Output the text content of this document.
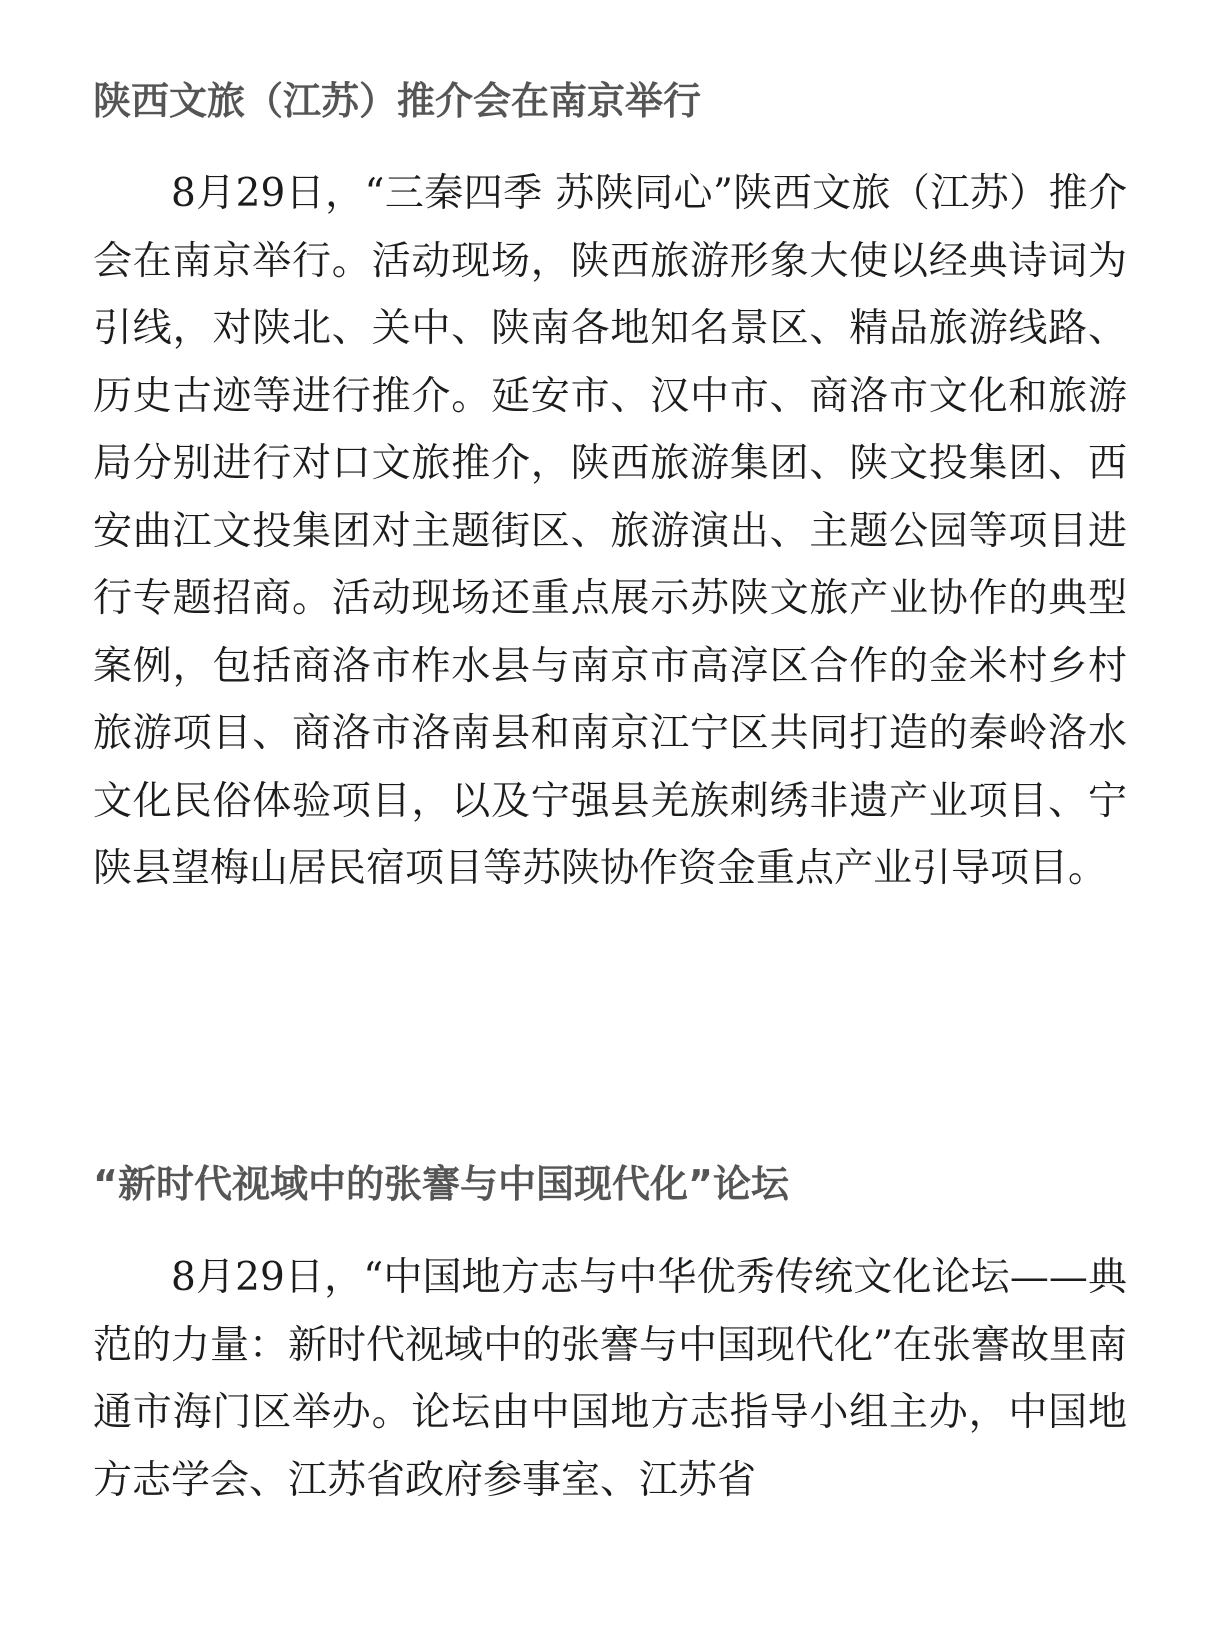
陕西文旅（江苏）推介会在南京举行

8月29日，“三秦四季 苏陕同心”陕西文旅（江苏）推介会在南京举行。活动现场，陕西旅游形象大使以经典诗词为引线，对陕北、关中、陕南各地知名景区、精品旅游线路、历史古迹等进行推介。延安市、汉中市、商洛市文化和旅游局分别进行对口文旅推介，陕西旅游集团、陕文投集团、西安曲江文投集团对主题街区、旅游演出、主题公园等项目进行专题招商。活动现场还重点展示苏陕文旅产业协作的典型案例，包括商洛市柞水县与南京市高淳区合作的金米村乡村旅游项目、商洛市洛南县和南京江宁区共同打造的秦岭洛水文化民俗体验项目，以及宁强县羌族刺绣非遗产业项目、宁陕县望梅山居民宿项目等苏陕协作资金重点产业引导项目。

“新时代视域中的张謇与中国现代化”论坛

8月29日，“中国地方志与中华优秀传统文化论坛——典范的力量：新时代视域中的张謇与中国现代化”在张謇故里南通市海门区举办。论坛由中国地方志指导小组主办，中国地方志学会、江苏省政府参事室、江苏省
